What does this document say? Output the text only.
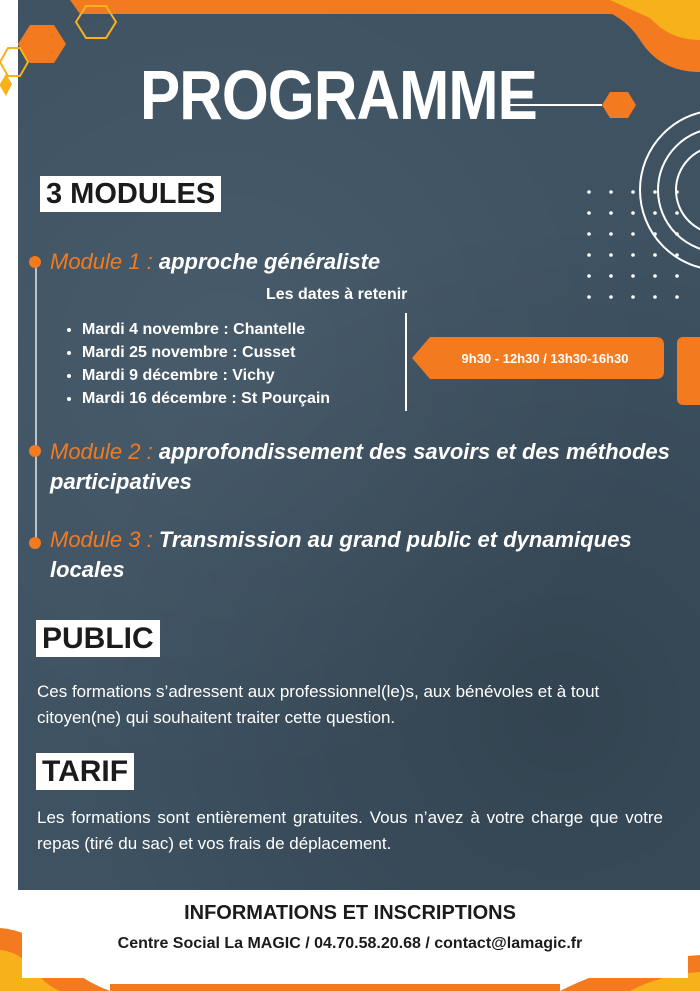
PROGRAMME
3 MODULES

Module 1 : approche généraliste

Les dates à retenir

• Mardi 4 novembre : Chantelle
• Mardi 25 novembre : Cusset
• Mardi 9 décembre : Vichy
• Mardi 16 décembre : St Pourçain
9h30 - 12h30 / 13h30-16h30

Module 2 : approfondissement des savoirs et des méthodes participatives

Module 3 : Transmission au grand public et dynamiques locales

PUBLIC

Ces formations s’adressent aux professionnel(le)s, aux bénévoles et à tout citoyen(ne) qui souhaitent traiter cette question.

TARIF

Les formations sont entièrement gratuites. Vous n’avez à votre charge que votre repas (tiré du sac) et vos frais de déplacement.

INFORMATIONS ET INSCRIPTIONS

Centre Social La MAGIC / 04.70.58.20.68 / contact@lamagic.fr
